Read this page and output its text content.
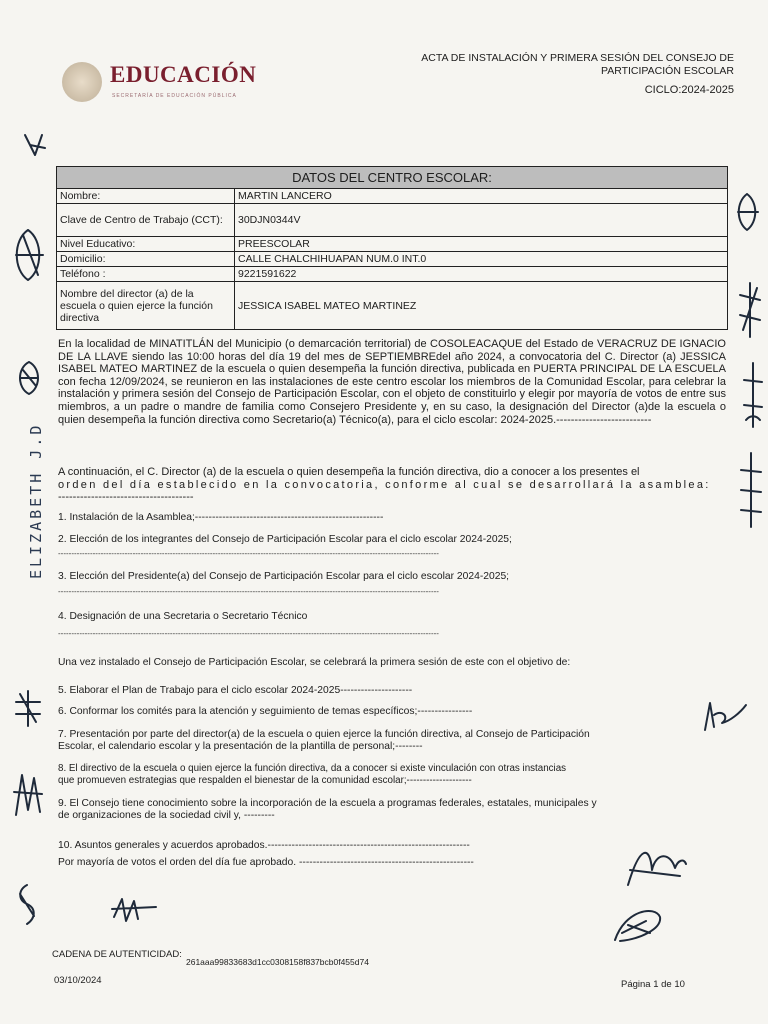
EDUCACIÓN
SECRETARÍA DE EDUCACIÓN PÚBLICA
ACTA DE INSTALACIÓN Y PRIMERA SESIÓN DEL CONSEJO DE
PARTICIPACIÓN ESCOLAR
CICLO:2024-2025
DATOS DEL CENTRO ESCOLAR:	
Nombre:	MARTIN LANCERO
Clave de Centro de Trabajo (CCT):	30DJN0344V
Nivel Educativo:	PREESCOLAR
Domicilio:	CALLE CHALCHIHUAPAN NUM.0 INT.0
Teléfono :	9221591622
Nombre del director (a) de la escuela o quien ejerce la función directiva	JESSICA ISABEL MATEO MARTINEZ
En la localidad de MINATITLÁN del Municipio (o demarcación territorial) de COSOLEACAQUE del Estado de VERACRUZ DE IGNACIO DE LA LLAVE siendo las 10:00 horas del día 19 del mes de SEPTIEMBREdel año 2024, a convocatoria del C. Director (a) JESSICA ISABEL MATEO MARTINEZ de la escuela o quien desempeña la función directiva, publicada en PUERTA PRINCIPAL DE LA ESCUELA con fecha 12/09/2024, se reunieron en las instalaciones de este centro escolar los miembros de la Comunidad Escolar, para celebrar la instalación y primera sesión del Consejo de Participación Escolar, con el objeto de constituirlo y elegir por mayoría de votos de entre sus miembros, a un padre o mandre de familia como Consejero Presidente y, en su caso, la designación del Director (a)de la escuela o quien desempeña la función directiva como Secretario(a) Técnico(a), para el ciclo escolar: 2024-2025.--------------------------
A continuación, el C. Director (a) de la escuela o quien desempeña la función directiva, dio a conocer a los presentes el
orden del día establecido en la convocatoria, conforme al cual se desarrollará la asamblea:
-------------------------------------
1. Instalación de la Asamblea;-------------------------------------------------------
2. Elección de los integrantes del Consejo de Participación Escolar para el ciclo escolar 2024-2025;
-----------------------------------------------------------------------------------------------------------------------------------------------
3. Elección del Presidente(a) del Consejo de Participación Escolar para el ciclo escolar 2024-2025;
-----------------------------------------------------------------------------------------------------------------------------------------------
4. Designación de una Secretaria o Secretario Técnico
-----------------------------------------------------------------------------------------------------------------------------------------------
Una vez instalado el Consejo de Participación Escolar, se celebrará la primera sesión de este con el objetivo de:
5. Elaborar el Plan de Trabajo para el ciclo escolar 2024-2025---------------------
6. Conformar los comités para la atención y seguimiento de temas específicos;----------------
7. Presentación por parte del director(a) de la escuela o quien ejerce la función directiva, al Consejo de Participación
Escolar, el calendario escolar y la presentación de la plantilla de personal;--------
8. El directivo de la escuela o quien ejerce la función directiva, da a conocer si existe vinculación con otras instancias
que promueven estrategias que respalden el bienestar de la comunidad escolar;--------------------
9. El Consejo tiene conocimiento sobre la incorporación de la escuela a programas federales, estatales, municipales y
de organizaciones de la sociedad civil y, ---------
10. Asuntos generales y acuerdos aprobados.-----------------------------------------------------------
Por mayoría de votos el orden del día fue aprobado. ---------------------------------------------------
CADENA DE AUTENTICIDAD:
261aaa99833683d1cc0308158f837bcb0f455d74
03/10/2024	Página 1 de 10
ELIZABETH J.D
